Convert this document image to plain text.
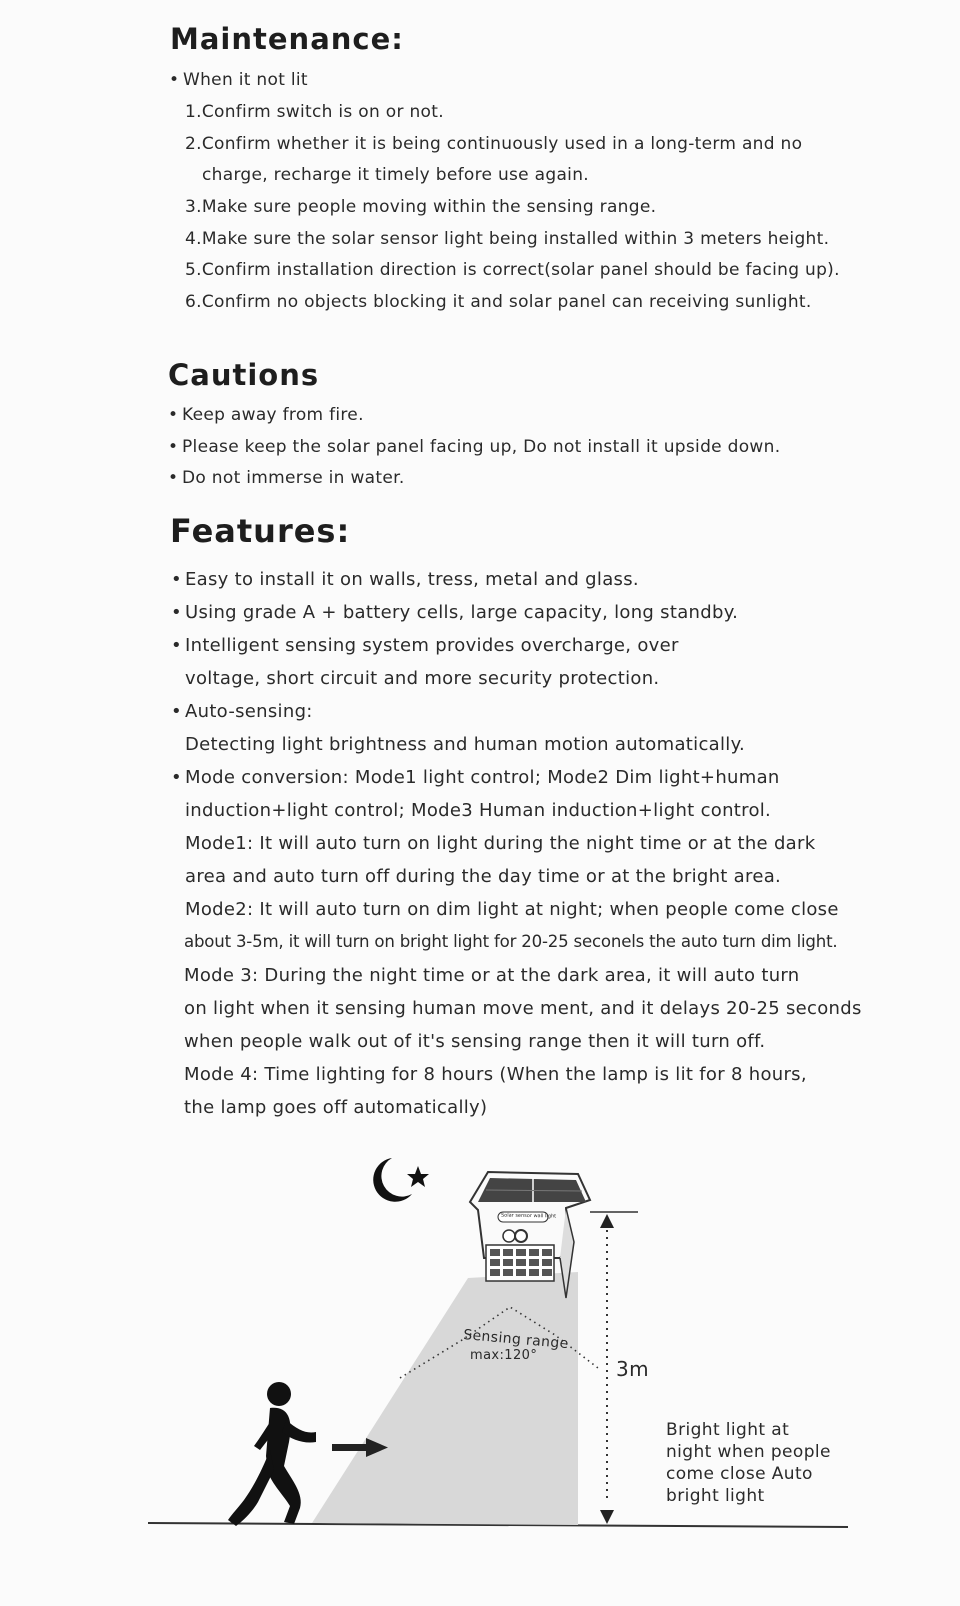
Maintenance:

• When it not lit

1.Confirm switch is on or not.

2.Confirm whether it is being continuously used in a long-term and no

charge, recharge it timely before use again.

3.Make sure people moving within the sensing range.

4.Make sure the solar sensor light being installed within 3 meters height.

5.Confirm installation direction is correct(solar panel should be facing up).

6.Confirm no objects blocking it and solar panel can receiving sunlight.

Cautions

• Keep away from fire.

• Please keep the solar panel facing up, Do not install it upside down.

• Do not immerse in water.

Features:

• Easy to install it on walls, tress, metal and glass.

• Using grade A + battery cells, large capacity, long standby.

• Intelligent sensing system provides overcharge, over

voltage, short circuit and more security protection.

• Auto-sensing:

Detecting light brightness and human motion automatically.

• Mode conversion: Mode1 light control; Mode2 Dim light+human

induction+light control; Mode3 Human induction+light control.

Mode1: It will auto turn on light during the night time or at the dark

area and auto turn off during the day time or at the bright area.

Mode2: It will auto turn on dim light at night; when people come close

about 3-5m, it will turn on bright light for 20-25 seconels the auto turn dim light.

Mode 3: During the night time or at the dark area, it will auto turn

on light when it sensing human move ment, and it delays 20-25 seconds

when people walk out of it's sensing range then it will turn off.

Mode 4: Time lighting for 8 hours (When the lamp is lit for 8 hours,

the lamp goes off automatically)

Sensing range

max:120°

3m

Bright light at

night when people

come close Auto

bright light

Solar sensor wall light
